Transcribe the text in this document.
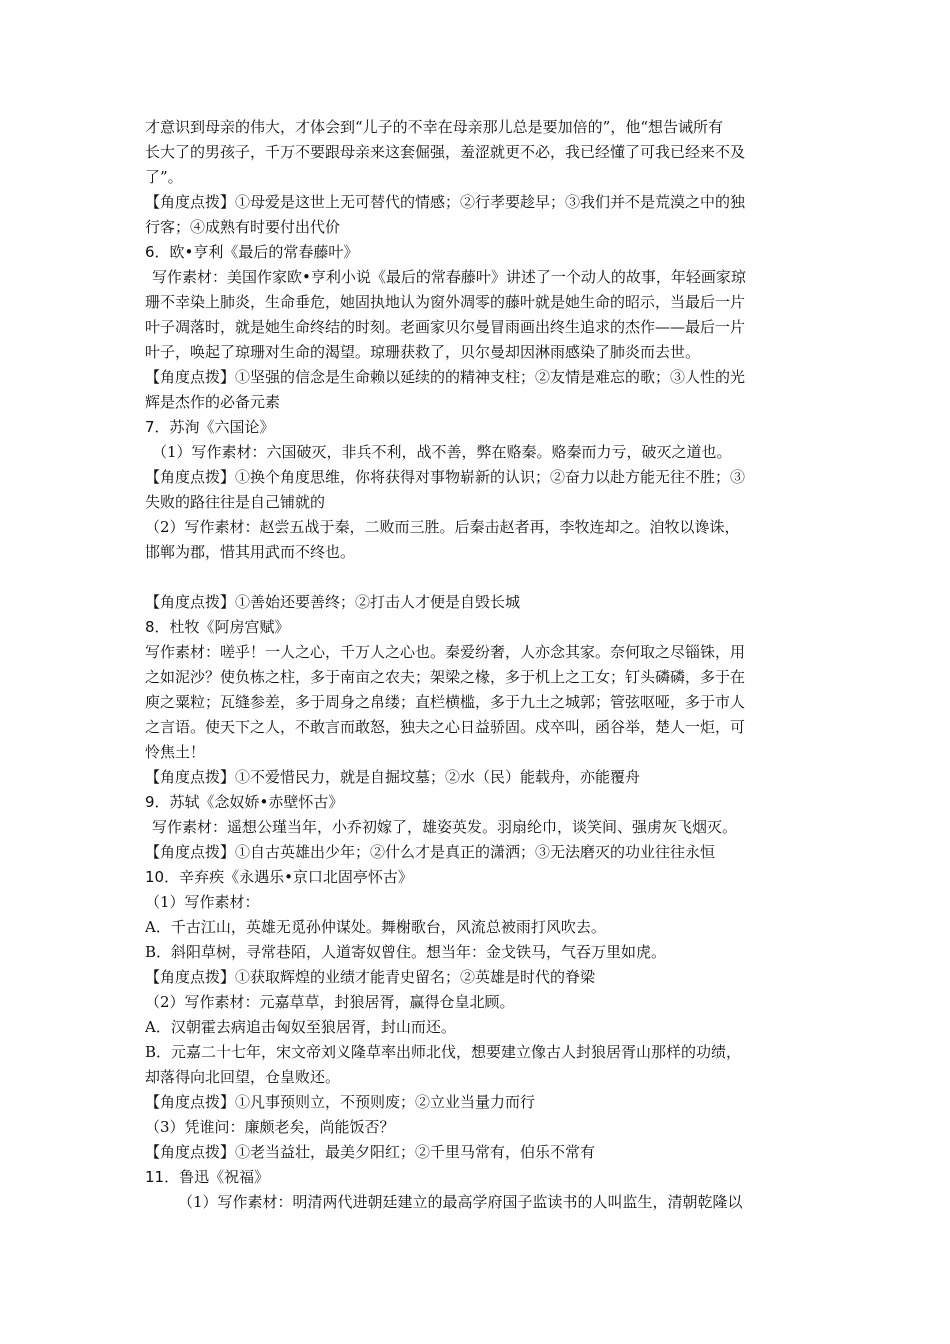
才意识到母亲的伟大，才体会到“儿子的不幸在母亲那儿总是要加倍的”，他“想告诫所有
长大了的男孩子，千万不要跟母亲来这套倔强，羞涩就更不必，我已经懂了可我已经来不及
了”。
【角度点拨】①母爱是这世上无可替代的情感；②行孝要趁早；③我们并不是荒漠之中的独
行客；④成熟有时要付出代价
6．欧•亨利《最后的常春藤叶》
写作素材：美国作家欧•亨利小说《最后的常春藤叶》讲述了一个动人的故事，年轻画家琼
珊不幸染上肺炎，生命垂危，她固执地认为窗外凋零的藤叶就是她生命的昭示，当最后一片
叶子凋落时，就是她生命终结的时刻。老画家贝尔曼冒雨画出终生追求的杰作——最后一片
叶子，唤起了琼珊对生命的渴望。琼珊获救了，贝尔曼却因淋雨感染了肺炎而去世。
【角度点拨】①坚强的信念是生命赖以延续的的精神支柱；②友情是难忘的歌；③人性的光
辉是杰作的必备元素
7．苏洵《六国论》
（1）写作素材：六国破灭，非兵不利，战不善，弊在赂秦。赂秦而力亏，破灭之道也。
【角度点拨】①换个角度思维，你将获得对事物崭新的认识；②奋力以赴方能无往不胜；③
失败的路往往是自己铺就的
（2）写作素材：赵尝五战于秦，二败而三胜。后秦击赵者再，李牧连却之。洎牧以谗诛，
邯郸为郡，惜其用武而不终也。
【角度点拨】①善始还要善终；②打击人才便是自毁长城
8．杜牧《阿房宫赋》
写作素材：嗟乎！一人之心，千万人之心也。秦爱纷奢，人亦念其家。奈何取之尽锱铢，用
之如泥沙？使负栋之柱，多于南亩之农夫；架梁之椽，多于机上之工女；钉头磷磷，多于在
庾之粟粒；瓦缝参差，多于周身之帛缕；直栏横槛，多于九土之城郭；管弦呕哑，多于市人
之言语。使天下之人，不敢言而敢怒，独夫之心日益骄固。戍卒叫，函谷举，楚人一炬，可
怜焦土！
【角度点拨】①不爱惜民力，就是自掘坟墓；②水（民）能载舟，亦能覆舟
9．苏轼《念奴娇•赤壁怀古》
写作素材：遥想公瑾当年，小乔初嫁了，雄姿英发。羽扇纶巾，谈笑间、强虏灰飞烟灭。
【角度点拨】①自古英雄出少年；②什么才是真正的潇洒；③无法磨灭的功业往往永恒
10．辛弃疾《永遇乐•京口北固亭怀古》
（1）写作素材：
A．千古江山，英雄无觅孙仲谋处。舞榭歌台，风流总被雨打风吹去。
B．斜阳草树，寻常巷陌，人道寄奴曾住。想当年：金戈铁马，气吞万里如虎。
【角度点拨】①获取辉煌的业绩才能青史留名；②英雄是时代的脊梁
（2）写作素材：元嘉草草，封狼居胥，赢得仓皇北顾。
A．汉朝霍去病追击匈奴至狼居胥，封山而还。
B．元嘉二十七年，宋文帝刘义隆草率出师北伐，想要建立像古人封狼居胥山那样的功绩，
却落得向北回望，仓皇败还。
【角度点拨】①凡事预则立，不预则废；②立业当量力而行
（3）凭谁问：廉颇老矣，尚能饭否？
【角度点拨】①老当益壮，最美夕阳红；②千里马常有，伯乐不常有
11．鲁迅《祝福》
（1）写作素材：明清两代进朝廷建立的最高学府国子监读书的人叫监生，清朝乾隆以
